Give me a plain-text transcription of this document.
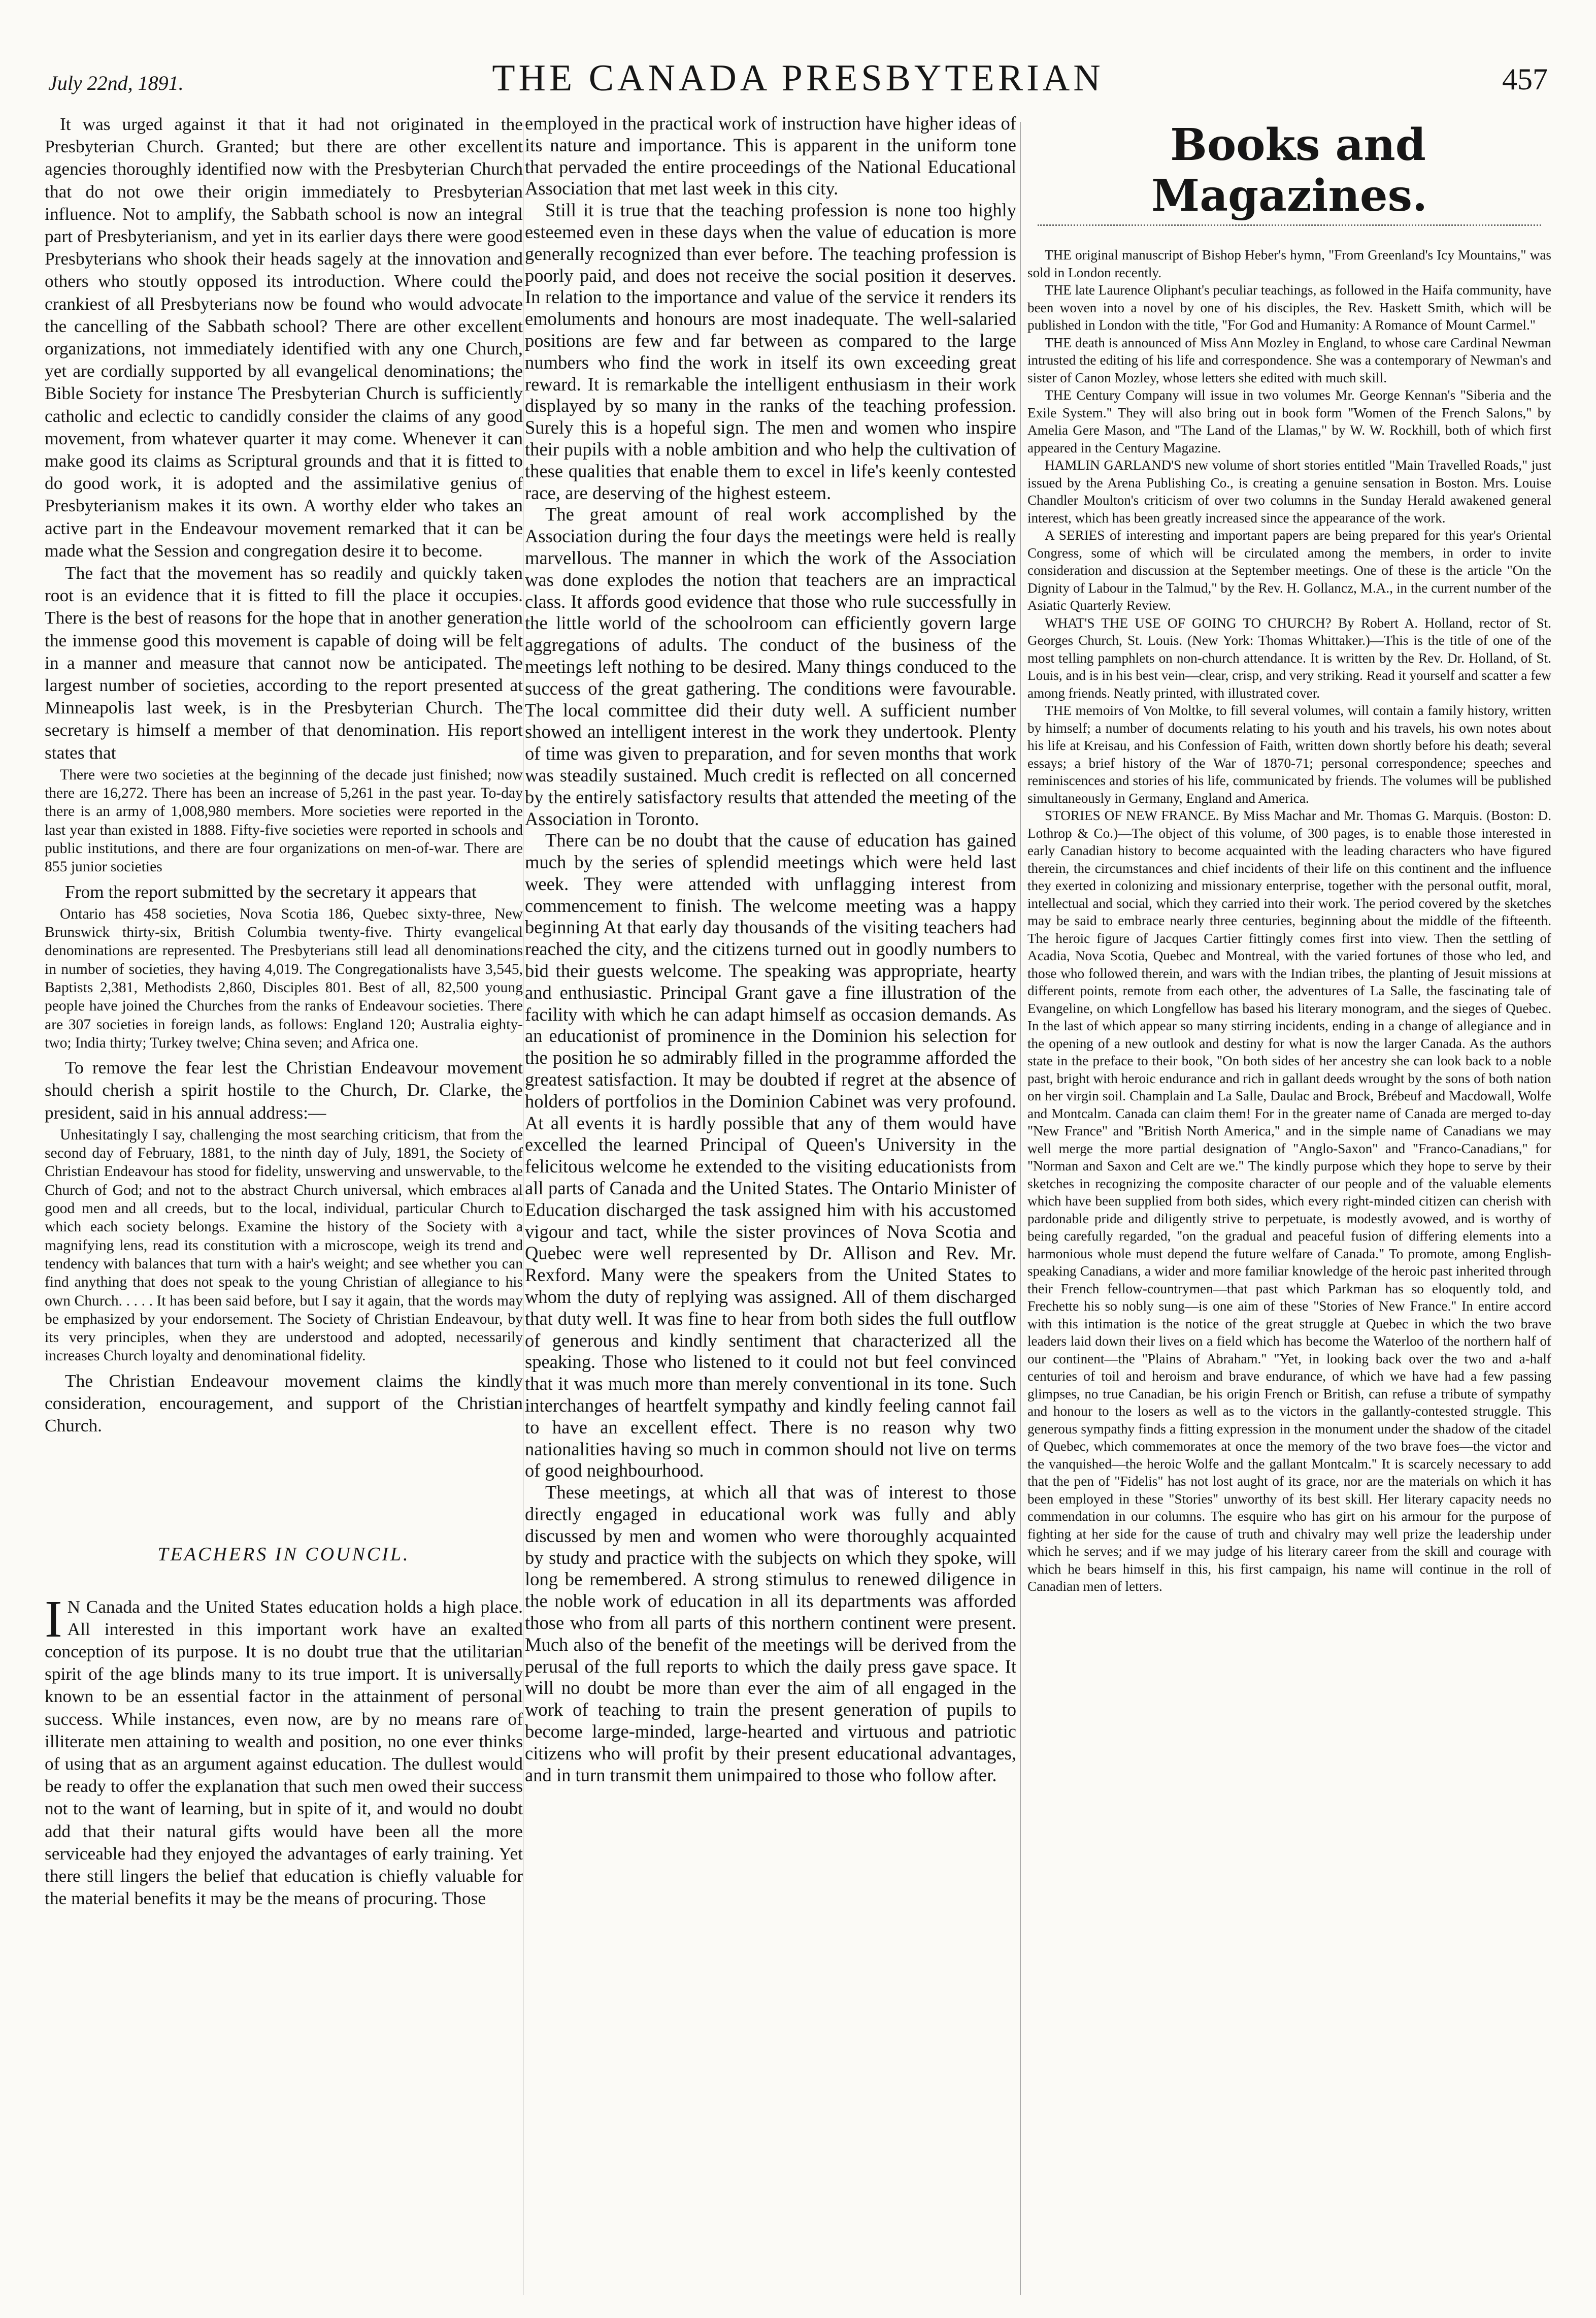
July 22nd, 1891.	THE CANADA PRESBYTERIAN	457

It was urged against it that it had not originated in the Presbyterian Church. Granted; but there are other excellent agencies thoroughly identified now with the Presbyterian Church that do not owe their origin immediately to Presbyterian influence. Not to amplify, the Sabbath school is now an integral part of Presbyterianism, and yet in its earlier days there were good Presbyterians who shook their heads sagely at the innovation and others who stoutly opposed its introduction. Where could the crankiest of all Presbyterians now be found who would advocate the cancelling of the Sabbath school? There are other excellent organizations, not immediately identified with any one Church, yet are cordially supported by all evangelical denominations; the Bible Society for instance The Presbyterian Church is sufficiently catholic and eclectic to candidly consider the claims of any good movement, from whatever quarter it may come. Whenever it can make good its claims as Scriptural grounds and that it is fitted to do good work, it is adopted and the assimilative genius of Presbyterianism makes it its own. A worthy elder who takes an active part in the Endeavour movement remarked that it can be made what the Session and congregation desire it to become.

The fact that the movement has so readily and quickly taken root is an evidence that it is fitted to fill the place it occupies. There is the best of reasons for the hope that in another generation the immense good this movement is capable of doing will be felt in a manner and measure that cannot now be anticipated. The largest number of societies, according to the report presented at Minneapolis last week, is in the Presbyterian Church. The secretary is himself a member of that denomination. His report states that

There were two societies at the beginning of the decade just finished; now there are 16,272. There has been an increase of 5,261 in the past year. To-day there is an army of 1,008,980 members. More societies were reported in the last year than existed in 1888. Fifty-five societies were reported in schools and public institutions, and there are four organizations on men-of-war. There are 855 junior societies

From the report submitted by the secretary it appears that

Ontario has 458 societies, Nova Scotia 186, Quebec sixty-three, New Brunswick thirty-six, British Columbia twenty-five. Thirty evangelical denominations are represented. The Presbyterians still lead all denominations in number of societies, they having 4,019. The Congregationalists have 3,545, Baptists 2,381, Methodists 2,860, Disciples 801. Best of all, 82,500 young people have joined the Churches from the ranks of Endeavour societies. There are 307 societies in foreign lands, as follows: England 120; Australia eighty-two; India thirty; Turkey twelve; China seven; and Africa one.

To remove the fear lest the Christian Endeavour movement should cherish a spirit hostile to the Church, Dr. Clarke, the president, said in his annual address:—

Unhesitatingly I say, challenging the most searching criticism, that from the second day of February, 1881, to the ninth day of July, 1891, the Society of Christian Endeavour has stood for fidelity, unswerving and unswervable, to the Church of God; and not to the abstract Church universal, which embraces al good men and all creeds, but to the local, individual, particular Church to which each society belongs. Examine the history of the Society with a magnifying lens, read its constitution with a microscope, weigh its trend and tendency with balances that turn with a hair's weight; and see whether you can find anything that does not speak to the young Christian of allegiance to his own Church. . . . . It has been said before, but I say it again, that the words may be emphasized by your endorsement. The Society of Christian Endeavour, by its very principles, when they are understood and adopted, necessarily increases Church loyalty and denominational fidelity.

The Christian Endeavour movement claims the kindly consideration, encouragement, and support of the Christian Church.

TEACHERS IN COUNCIL.

I N Canada and the United States education holds a high place. All interested in this important work have an exalted conception of its purpose. It is no doubt true that the utilitarian spirit of the age blinds many to its true import. It is universally known to be an essential factor in the attainment of personal success. While instances, even now, are by no means rare of illiterate men attaining to wealth and position, no one ever thinks of using that as an argument against education. The dullest would be ready to offer the explanation that such men owed their success not to the want of learning, but in spite of it, and would no doubt add that their natural gifts would have been all the more serviceable had they enjoyed the advantages of early training. Yet there still lingers the belief that education is chiefly valuable for the material benefits it may be the means of procuring. Those

employed in the practical work of instruction have higher ideas of its nature and importance. This is apparent in the uniform tone that pervaded the entire proceedings of the National Educational Association that met last week in this city.

Still it is true that the teaching profession is none too highly esteemed even in these days when the value of education is more generally recognized than ever before. The teaching profession is poorly paid, and does not receive the social position it deserves. In relation to the importance and value of the service it renders its emoluments and honours are most inadequate. The well-salaried positions are few and far between as compared to the large numbers who find the work in itself its own exceeding great reward. It is remarkable the intelligent enthusiasm in their work displayed by so many in the ranks of the teaching profession. Surely this is a hopeful sign. The men and women who inspire their pupils with a noble ambition and who help the cultivation of these qualities that enable them to excel in life's keenly contested race, are deserving of the highest esteem.

The great amount of real work accomplished by the Association during the four days the meetings were held is really marvellous. The manner in which the work of the Association was done explodes the notion that teachers are an impractical class. It affords good evidence that those who rule successfully in the little world of the schoolroom can efficiently govern large aggregations of adults. The conduct of the business of the meetings left nothing to be desired. Many things conduced to the success of the great gathering. The conditions were favourable. The local committee did their duty well. A sufficient number showed an intelligent interest in the work they undertook. Plenty of time was given to preparation, and for seven months that work was steadily sustained. Much credit is reflected on all concerned by the entirely satisfactory results that attended the meeting of the Association in Toronto.

There can be no doubt that the cause of education has gained much by the series of splendid meetings which were held last week. They were attended with unflagging interest from commencement to finish. The welcome meeting was a happy beginning At that early day thousands of the visiting teachers had reached the city, and the citizens turned out in goodly numbers to bid their guests welcome. The speaking was appropriate, hearty and enthusiastic. Principal Grant gave a fine illustration of the facility with which he can adapt himself as occasion demands. As an educationist of prominence in the Dominion his selection for the position he so admirably filled in the programme afforded the greatest satisfaction. It may be doubted if regret at the absence of holders of portfolios in the Dominion Cabinet was very profound. At all events it is hardly possible that any of them would have excelled the learned Principal of Queen's University in the felicitous welcome he extended to the visiting educationists from all parts of Canada and the United States. The Ontario Minister of Education discharged the task assigned him with his accustomed vigour and tact, while the sister provinces of Nova Scotia and Quebec were well represented by Dr. Allison and Rev. Mr. Rexford. Many were the speakers from the United States to whom the duty of replying was assigned. All of them discharged that duty well. It was fine to hear from both sides the full outflow of generous and kindly sentiment that characterized all the speaking. Those who listened to it could not but feel convinced that it was much more than merely conventional in its tone. Such interchanges of heartfelt sympathy and kindly feeling cannot fail to have an excellent effect. There is no reason why two nationalities having so much in common should not live on terms of good neighbourhood.

These meetings, at which all that was of interest to those directly engaged in educational work was fully and ably discussed by men and women who were thoroughly acquainted by study and practice with the subjects on which they spoke, will long be remembered. A strong stimulus to renewed diligence in the noble work of education in all its departments was afforded those who from all parts of this northern continent were present. Much also of the benefit of the meetings will be derived from the perusal of the full reports to which the daily press gave space. It will no doubt be more than ever the aim of all engaged in the work of teaching to train the present generation of pupils to become large-minded, large-hearted and virtuous and patriotic citizens who will profit by their present educational advantages, and in turn transmit them unimpaired to those who follow after.

Books and Magazines.

THE original manuscript of Bishop Heber's hymn, "From Greenland's Icy Mountains," was sold in London recently.

THE late Laurence Oliphant's peculiar teachings, as followed in the Haifa community, have been woven into a novel by one of his disciples, the Rev. Haskett Smith, which will be published in London with the title, "For God and Humanity: A Romance of Mount Carmel."

THE death is announced of Miss Ann Mozley in England, to whose care Cardinal Newman intrusted the editing of his life and correspondence. She was a contemporary of Newman's and sister of Canon Mozley, whose letters she edited with much skill.

THE Century Company will issue in two volumes Mr. George Kennan's "Siberia and the Exile System." They will also bring out in book form "Women of the French Salons," by Amelia Gere Mason, and "The Land of the Llamas," by W. W. Rockhill, both of which first appeared in the Century Magazine.

HAMLIN GARLAND'S new volume of short stories entitled "Main Travelled Roads," just issued by the Arena Publishing Co., is creating a genuine sensation in Boston. Mrs. Louise Chandler Moulton's criticism of over two columns in the Sunday Herald awakened general interest, which has been greatly increased since the appearance of the work.

A SERIES of interesting and important papers are being prepared for this year's Oriental Congress, some of which will be circulated among the members, in order to invite consideration and discussion at the September meetings. One of these is the article "On the Dignity of Labour in the Talmud," by the Rev. H. Gollancz, M.A., in the current number of the Asiatic Quarterly Review.

WHAT'S THE USE OF GOING TO CHURCH? By Robert A. Holland, rector of St. Georges Church, St. Louis. (New York: Thomas Whittaker.)—This is the title of one of the most telling pamphlets on non-church attendance. It is written by the Rev. Dr. Holland, of St. Louis, and is in his best vein—clear, crisp, and very striking. Read it yourself and scatter a few among friends. Neatly printed, with illustrated cover.

THE memoirs of Von Moltke, to fill several volumes, will contain a family history, written by himself; a number of documents relating to his youth and his travels, his own notes about his life at Kreisau, and his Confession of Faith, written down shortly before his death; several essays; a brief history of the War of 1870-71; personal correspondence; speeches and reminiscences and stories of his life, communicated by friends. The volumes will be published simultaneously in Germany, England and America.

STORIES OF NEW FRANCE. By Miss Machar and Mr. Thomas G. Marquis. (Boston: D. Lothrop & Co.)—The object of this volume, of 300 pages, is to enable those interested in early Canadian history to become acquainted with the leading characters who have figured therein, the circumstances and chief incidents of their life on this continent and the influence they exerted in colonizing and missionary enterprise, together with the personal outfit, moral, intellectual and social, which they carried into their work. The period covered by the sketches may be said to embrace nearly three centuries, beginning about the middle of the fifteenth. The heroic figure of Jacques Cartier fittingly comes first into view. Then the settling of Acadia, Nova Scotia, Quebec and Montreal, with the varied fortunes of those who led, and those who followed therein, and wars with the Indian tribes, the planting of Jesuit missions at different points, remote from each other, the adventures of La Salle, the fascinating tale of Evangeline, on which Longfellow has based his literary monogram, and the sieges of Quebec. In the last of which appear so many stirring incidents, ending in a change of allegiance and in the opening of a new outlook and destiny for what is now the larger Canada. As the authors state in the preface to their book, "On both sides of her ancestry she can look back to a noble past, bright with heroic endurance and rich in gallant deeds wrought by the sons of both nation on her virgin soil. Champlain and La Salle, Daulac and Brock, Brébeuf and Macdowall, Wolfe and Montcalm. Canada can claim them! For in the greater name of Canada are merged to-day "New France" and "British North America," and in the simple name of Canadians we may well merge the more partial designation of "Anglo-Saxon" and "Franco-Canadians," for "Norman and Saxon and Celt are we." The kindly purpose which they hope to serve by their sketches in recognizing the composite character of our people and of the valuable elements which have been supplied from both sides, which every right-minded citizen can cherish with pardonable pride and diligently strive to perpetuate, is modestly avowed, and is worthy of being carefully regarded, "on the gradual and peaceful fusion of differing elements into a harmonious whole must depend the future welfare of Canada." To promote, among English-speaking Canadians, a wider and more familiar knowledge of the heroic past inherited through their French fellow-countrymen—that past which Parkman has so eloquently told, and Frechette his so nobly sung—is one aim of these "Stories of New France." In entire accord with this intimation is the notice of the great struggle at Quebec in which the two brave leaders laid down their lives on a field which has become the Waterloo of the northern half of our continent—the "Plains of Abraham." "Yet, in looking back over the two and a-half centuries of toil and heroism and brave endurance, of which we have had a few passing glimpses, no true Canadian, be his origin French or British, can refuse a tribute of sympathy and honour to the losers as well as to the victors in the gallantly-contested struggle. This generous sympathy finds a fitting expression in the monument under the shadow of the citadel of Quebec, which commemorates at once the memory of the two brave foes—the victor and the vanquished—the heroic Wolfe and the gallant Montcalm." It is scarcely necessary to add that the pen of "Fidelis" has not lost aught of its grace, nor are the materials on which it has been employed in these "Stories" unworthy of its best skill. Her literary capacity needs no commendation in our columns. The esquire who has girt on his armour for the purpose of fighting at her side for the cause of truth and chivalry may well prize the leadership under which he serves; and if we may judge of his literary career from the skill and courage with which he bears himself in this, his first campaign, his name will continue in the roll of Canadian men of letters.
